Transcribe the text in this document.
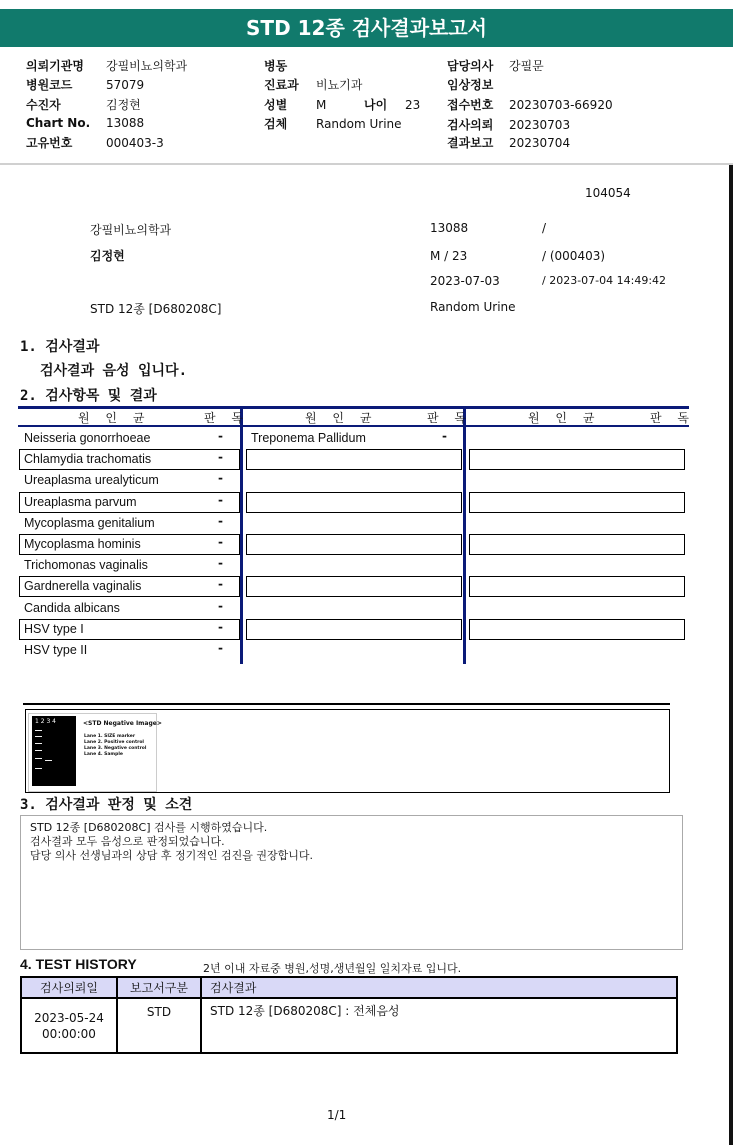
STD 12종 검사결과보고서
의뢰기관명 강필비뇨의학과
병원코드	57079
수진자	김정현
Chart No. 13088
고유번호	000403-3
병동
진료과 비뇨기과
성별 M
검체 Random Urine
담당의사 강필문
임상정보
접수번호 20230703-66920
검사의뢰 20230703
결과보고 20230704
나이 23
104054
강필비뇨의학과	13088	/
김정현	M / 23	/ (000403)
2023-07-03	/ 2023-07-04 14:49:42
STD 12종 [D680208C]	Random Urine
1. 검사결과
검사결과 음성 입니다.
2. 검사항목 및 결과
원 인 균	판 독	원 인 균	판 독	원 인 균	판 독
Neisseria gonorrhoeae	-
Chlamydia trachomatis	-
Ureaplasma urealyticum	-
Ureaplasma parvum	-
Mycoplasma genitalium	-
Mycoplasma hominis	-
Trichomonas vaginalis	-
Gardnerella vaginalis	-
Candida albicans	-
HSV type I	-
HSV type II	-
Treponema Pallidum	-
1 2 3 4	<STD Negative Image>
Lane 1. SIZE marker
Lane 2. Positive control
Lane 3. Negative control
Lane 4. Sample
3. 검사결과 판정 및 소견
STD 12종 [D680208C] 검사를 시행하였습니다.
검사결과 모두 음성으로 판정되었습니다.
담당 의사 선생님과의 상담 후 정기적인 검진을 권장합니다.
4. TEST HISTORY	2년 이내 자료중 병원,성명,생년월일 일치자료 입니다.
검사의뢰일	보고서구분	검사결과

2023-05-24
00:00:00	STD	STD 12종 [D680208C] : 전체음성
1/1
